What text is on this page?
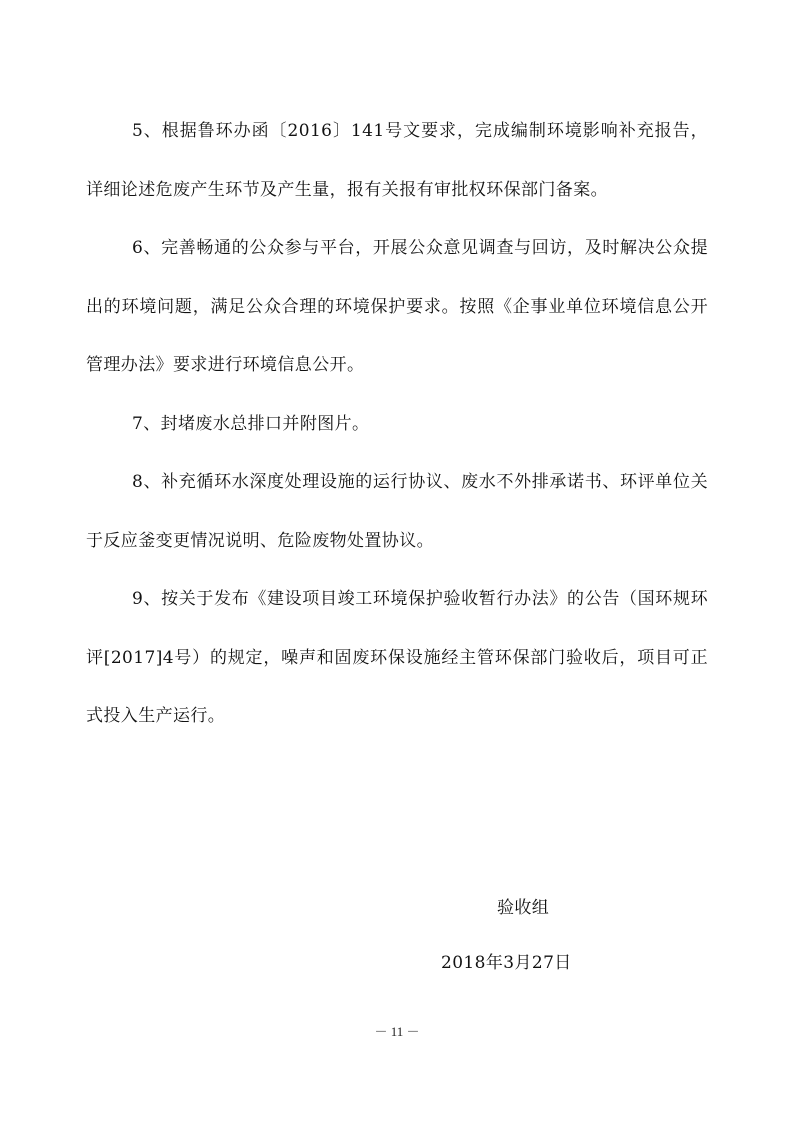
5、根据鲁环办函〔2016〕141号文要求，完成编制环境影响补充报告，详细论述危废产生环节及产生量，报有关报有审批权环保部门备案。

6、完善畅通的公众参与平台，开展公众意见调查与回访，及时解决公众提出的环境问题，满足公众合理的环境保护要求。按照《企事业单位环境信息公开管理办法》要求进行环境信息公开。

7、封堵废水总排口并附图片。

8、补充循环水深度处理设施的运行协议、废水不外排承诺书、环评单位关于反应釜变更情况说明、危险废物处置协议。

9、按关于发布《建设项目竣工环境保护验收暂行办法》的公告（国环规环评[2017]4号）的规定，噪声和固废环保设施经主管环保部门验收后，项目可正式投入生产运行。

验收组
2018年3月27日
－ 11 －
